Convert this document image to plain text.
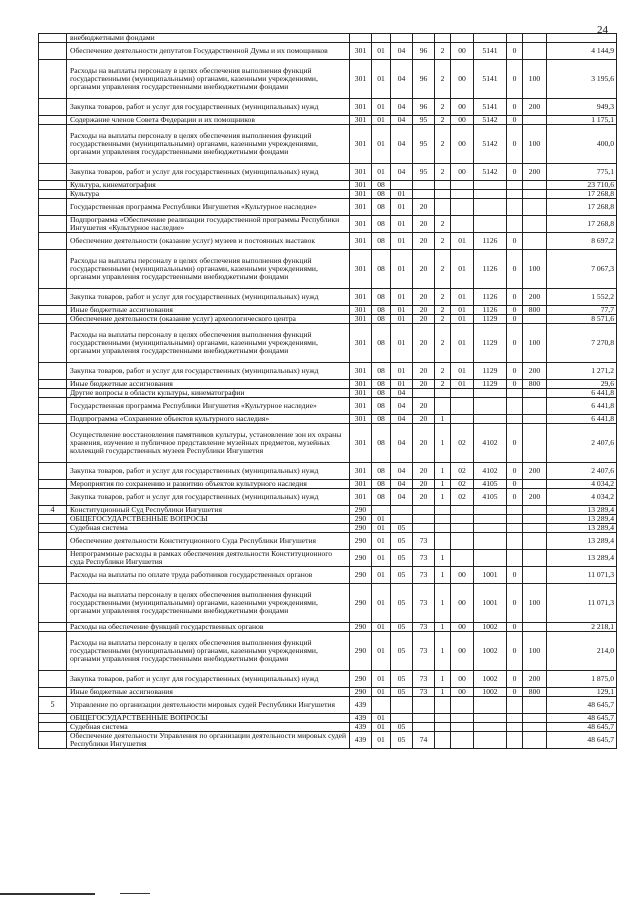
24
	внебюджетными фондами										
	Обеспечение деятельности депутатов Государственной Думы и их помощников	301	01	04	96	2	00	5141	0		4 144,9
	Расходы на выплаты персоналу в целях обеспечения выполнения функций государственными (муниципальными) органами, казенными учреждениями, органами управления государственными внебюджетными фондами	301	01	04	96	2	00	5141	0	100	3 195,6
	Закупка товаров, работ и услуг для государственных (муниципальных) нужд	301	01	04	96	2	00	5141	0	200	949,3
	Содержание членов Совета Федерации и их помощников	301	01	04	95	2	00	5142	0		1 175,1
	Расходы на выплаты персоналу в целях обеспечения выполнения функций государственными (муниципальными) органами, казенными учреждениями, органами управления государственными внебюджетными фондами	301	01	04	95	2	00	5142	0	100	400,0
	Закупка товаров, работ и услуг для государственных (муниципальных) нужд	301	01	04	95	2	00	5142	0	200	775,1
	Культура, кинематография	301	08								23 710,6
	Культура	301	08	01							17 268,8
	Государственная программа Республики Ингушетия «Культурное наследие»	301	08	01	20						17 268,8
	Подпрограмма «Обеспечение реализации государственной программы Республики Ингушетия «Культурное наследие»	301	08	01	20	2					17 268,8
	Обеспечение деятельности (оказание услуг) музеев и постоянных выставок	301	08	01	20	2	01	1126	0		8 697,2
	Расходы на выплаты персоналу в целях обеспечения выполнения функций государственными (муниципальными) органами, казенными учреждениями, органами управления государственными внебюджетными фондами	301	08	01	20	2	01	1126	0	100	7 067,3
	Закупка товаров, работ и услуг для государственных (муниципальных) нужд	301	08	01	20	2	01	1126	0	200	1 552,2
	Иные бюджетные ассигнования	301	08	01	20	2	01	1126	0	800	77,7
	Обеспечение деятельности (оказание услуг) археологического центра	301	08	01	20	2	01	1129	0		8 571,6
	Расходы на выплаты персоналу в целях обеспечения выполнения функций государственными (муниципальными) органами, казенными учреждениями, органами управления государственными внебюджетными фондами	301	08	01	20	2	01	1129	0	100	7 270,8
	Закупка товаров, работ и услуг для государственных (муниципальных) нужд	301	08	01	20	2	01	1129	0	200	1 271,2
	Иные бюджетные ассигнования	301	08	01	20	2	01	1129	0	800	29,6
	Другие вопросы в области культуры, кинематографии	301	08	04							6 441,8
	Государственная программа Республики Ингушетия «Культурное наследие»	301	08	04	20						6 441,8
	Подпрограмма «Сохранение объектов культурного наследия»	301	08	04	20	1					6 441,8
	Осуществление восстановления памятников культуры, установление зон их охраны хранения, изучение и публичное представление музейных предметов, музейных коллекций государственных музеев Республики Ингушетия	301	08	04	20	1	02	4102	0		2 407,6
	Закупка товаров, работ и услуг для государственных (муниципальных) нужд	301	08	04	20	1	02	4102	0	200	2 407,6
	Мероприятия по сохранению и развитию объектов культурного наследия	301	08	04	20	1	02	4105	0		4 034,2
	Закупка товаров, работ и услуг для государственных (муниципальных) нужд	301	08	04	20	1	02	4105	0	200	4 034,2
4	Конституционный Суд Республики Ингушетия	290									13 289,4
	ОБЩЕГОСУДАРСТВЕННЫЕ ВОПРОСЫ	290	01								13 289,4
	Судебная система	290	01	05							13 289,4
	Обеспечение деятельности Конституционного Суда Республики Ингушетия	290	01	05	73						13 289,4
	Непрограммные расходы в рамках обеспечения деятельности Конституционного суда Республики Ингушетия	290	01	05	73	1					13 289,4
	Расходы на выплаты по оплате труда работников государственных органов	290	01	05	73	1	00	1001	0		11 071,3
	Расходы на выплаты персоналу в целях обеспечения выполнения функций государственными (муниципальными) органами, казенными учреждениями, органами управления государственными внебюджетными фондами	290	01	05	73	1	00	1001	0	100	11 071,3
	Расходы на обеспечение функций государственных органов	290	01	05	73	1	00	1002	0		2 218,1
	Расходы на выплаты персоналу в целях обеспечения выполнения функций государственными (муниципальными) органами, казенными учреждениями, органами управления государственными внебюджетными фондами	290	01	05	73	1	00	1002	0	100	214,0
	Закупка товаров, работ и услуг для государственных (муниципальных) нужд	290	01	05	73	1	00	1002	0	200	1 875,0
	Иные бюджетные ассигнования	290	01	05	73	1	00	1002	0	800	129,1
5	Управление по организации деятельности мировых судей Республики Ингушетия	439									48 645,7
	ОБЩЕГОСУДАРСТВЕННЫЕ ВОПРОСЫ	439	01								48 645,7
	Судебная система	439	01	05							48 645,7
	Обеспечение деятельности Управления по организации деятельности мировых судей Республики Ингушетия	439	01	05	74						48 645,7
